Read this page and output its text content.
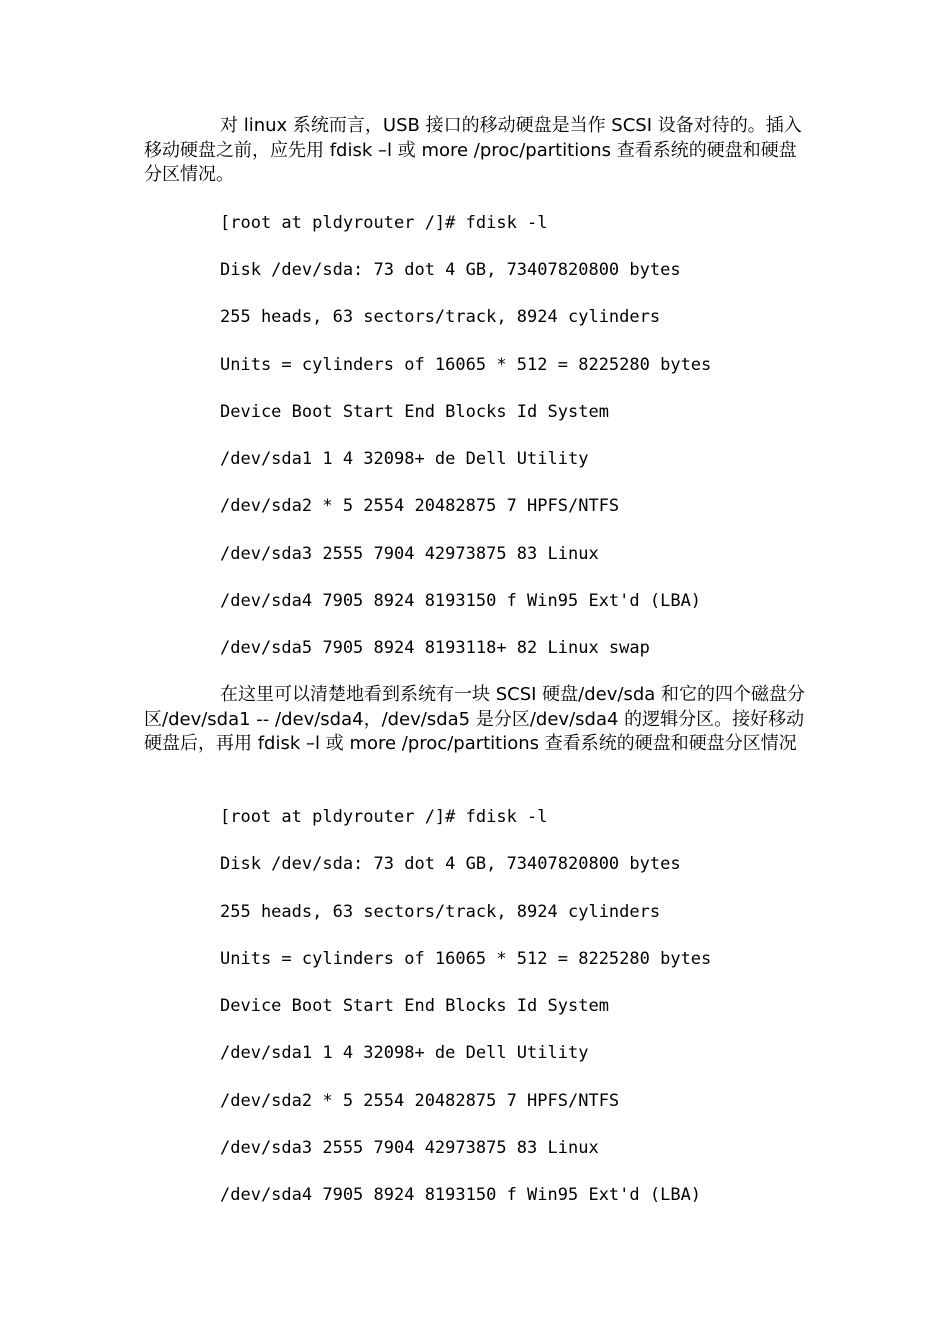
对 linux 系统而言，USB 接口的移动硬盘是当作 SCSI 设备对待的。插入移动硬盘之前，应先用 fdisk –l 或 more /proc/partitions 查看系统的硬盘和硬盘分区情况。

[root at pldyrouter /]# fdisk -l
Disk /dev/sda: 73 dot 4 GB, 73407820800 bytes
255 heads, 63 sectors/track, 8924 cylinders
Units = cylinders of 16065 * 512 = 8225280 bytes
Device Boot Start End Blocks Id System
/dev/sda1 1 4 32098+ de Dell Utility
/dev/sda2 * 5 2554 20482875 7 HPFS/NTFS
/dev/sda3 2555 7904 42973875 83 Linux
/dev/sda4 7905 8924 8193150 f Win95 Ext'd (LBA)
/dev/sda5 7905 8924 8193118+ 82 Linux swap

在这里可以清楚地看到系统有一块 SCSI 硬盘/dev/sda 和它的四个磁盘分区/dev/sda1 -- /dev/sda4，/dev/sda5 是分区/dev/sda4 的逻辑分区。接好移动硬盘后，再用 fdisk –l 或 more /proc/partitions 查看系统的硬盘和硬盘分区情况

[root at pldyrouter /]# fdisk -l
Disk /dev/sda: 73 dot 4 GB, 73407820800 bytes
255 heads, 63 sectors/track, 8924 cylinders
Units = cylinders of 16065 * 512 = 8225280 bytes
Device Boot Start End Blocks Id System
/dev/sda1 1 4 32098+ de Dell Utility
/dev/sda2 * 5 2554 20482875 7 HPFS/NTFS
/dev/sda3 2555 7904 42973875 83 Linux
/dev/sda4 7905 8924 8193150 f Win95 Ext'd (LBA)
